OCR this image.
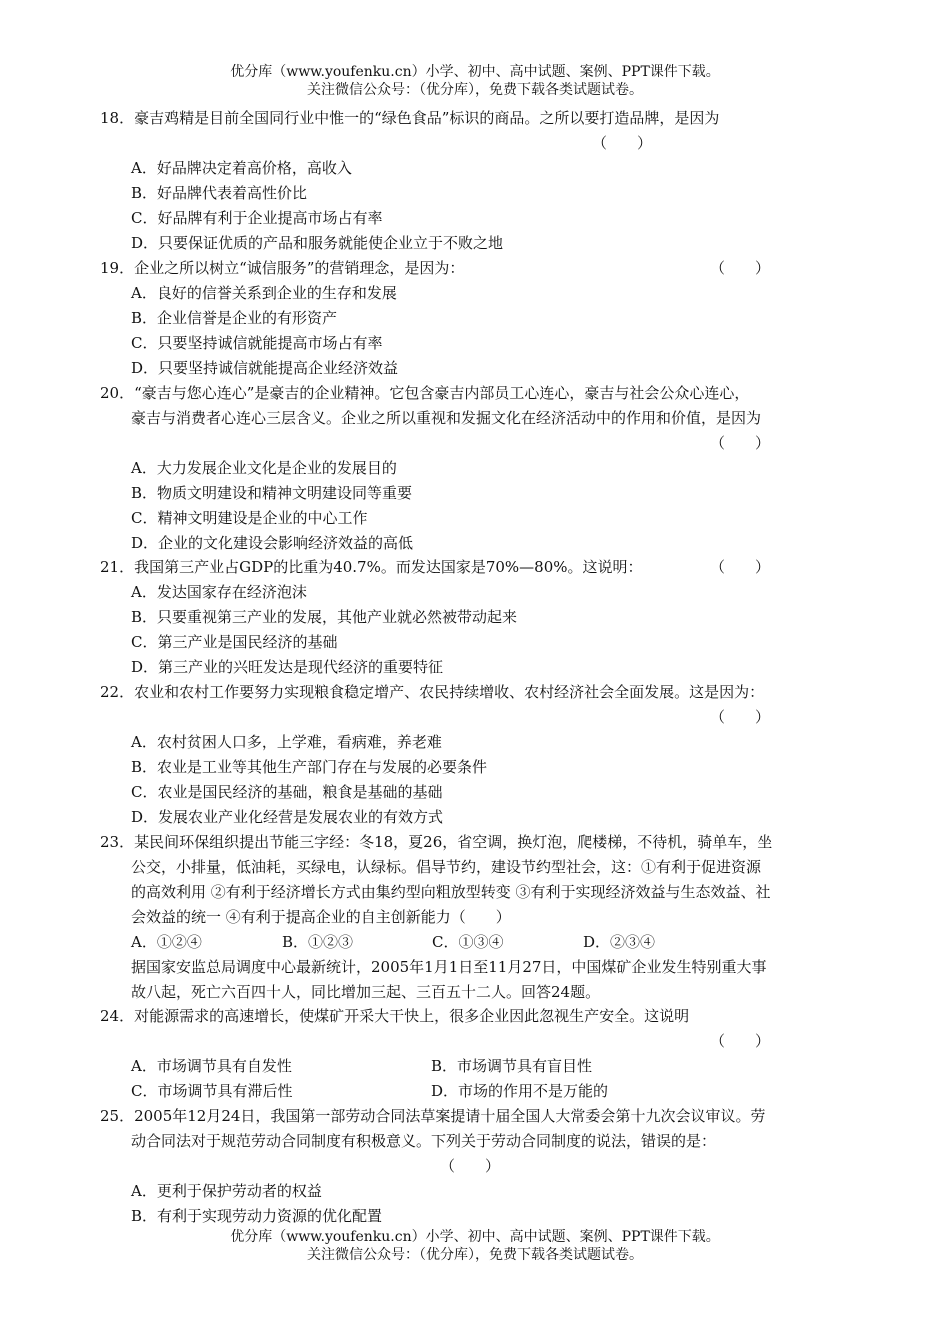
优分库（www.youfenku.cn）小学、初中、高中试题、案例、PPT课件下载。
关注微信公众号：（优分库），免费下载各类试题试卷。
18．豪吉鸡精是目前全国同行业中惟一的“绿色食品”标识的商品。之所以要打造品牌，是因为
（　　）
A．好品牌决定着高价格，高收入
B．好品牌代表着高性价比
C．好品牌有利于企业提高市场占有率
D．只要保证优质的产品和服务就能使企业立于不败之地
19．企业之所以树立“诚信服务”的营销理念，是因为：	（　　）
A．良好的信誉关系到企业的生存和发展
B．企业信誉是企业的有形资产
C．只要坚持诚信就能提高市场占有率
D．只要坚持诚信就能提高企业经济效益
20．“豪吉与您心连心”是豪吉的企业精神。它包含豪吉内部员工心连心，豪吉与社会公众心连心，
豪吉与消费者心连心三层含义。企业之所以重视和发掘文化在经济活动中的作用和价值，是因为
（　　）
A．大力发展企业文化是企业的发展目的
B．物质文明建设和精神文明建设同等重要
C．精神文明建设是企业的中心工作
D．企业的文化建设会影响经济效益的高低
21．我国第三产业占GDP的比重为40.7%。而发达国家是70%—80%。这说明：	（　　）
A．发达国家存在经济泡沫
B．只要重视第三产业的发展，其他产业就必然被带动起来
C．第三产业是国民经济的基础
D．第三产业的兴旺发达是现代经济的重要特征
22．农业和农村工作要努力实现粮食稳定增产、农民持续增收、农村经济社会全面发展。这是因为：
（　　）
A．农村贫困人口多，上学难，看病难，养老难
B．农业是工业等其他生产部门存在与发展的必要条件
C．农业是国民经济的基础，粮食是基础的基础
D．发展农业产业化经营是发展农业的有效方式
23．某民间环保组织提出节能三字经：冬18，夏26，省空调，换灯泡，爬楼梯，不待机，骑单车，坐
公交，小排量，低油耗，买绿电，认绿标。倡导节约，建设节约型社会，这：①有利于促进资源
的高效利用 ②有利于经济增长方式由集约型向粗放型转变 ③有利于实现经济效益与生态效益、社
会效益的统一 ④有利于提高企业的自主创新能力（　　）
A．①②④	B．①②③	C．①③④	D．②③④
据国家安监总局调度中心最新统计，2005年1月1日至11月27日，中国煤矿企业发生特别重大事
故八起，死亡六百四十人，同比增加三起、三百五十二人。回答24题。
24．对能源需求的高速增长，使煤矿开采大干快上，很多企业因此忽视生产安全。这说明
（　　）
A．市场调节具有自发性	B．市场调节具有盲目性
C．市场调节具有滞后性	D．市场的作用不是万能的
25．2005年12月24日，我国第一部劳动合同法草案提请十届全国人大常委会第十九次会议审议。劳
动合同法对于规范劳动合同制度有积极意义。下列关于劳动合同制度的说法，错误的是：
（　　）
A．更利于保护劳动者的权益
B．有利于实现劳动力资源的优化配置
优分库（www.youfenku.cn）小学、初中、高中试题、案例、PPT课件下载。
关注微信公众号：（优分库），免费下载各类试题试卷。
